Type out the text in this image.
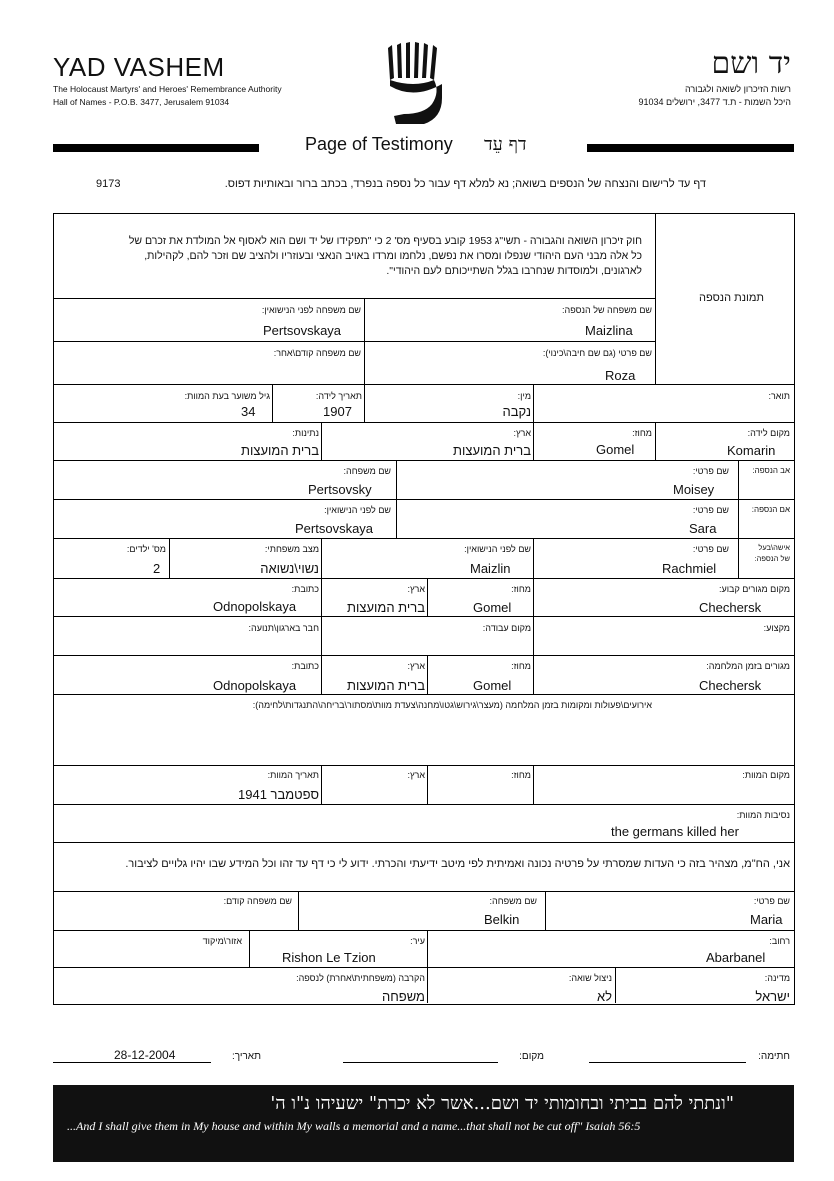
YAD VASHEM
The Holocaust Martyrs' and Heroes' Remembrance Authority
Hall of Names - P.O.B. 3477, Jerusalem 91034
יד ושם
רשות הזיכרון לשואה ולגבורה
היכל השמות - ת.ד 3477, ירושלים 91034
Page of Testimony דף עֵד
דף עד לרישום והנצחה של הנספים בשואה; נא למלא דף עבור כל נספה בנפרד, בכתב ברור ובאותיות דפוס.
9173
חוק זיכרון השואה והגבורה - תשי"ג 1953 קובע בסעיף מס' 2 כי "תפקידו של יד ושם הוא לאסוף אל המולדת את זכרם של
כל אלה מבני העם היהודי שנפלו ומסרו את נפשם, נלחמו ומרדו באויב הנאצי ובעוזריו ולהציב שם וזכר להם, לקהילות,
לארגונים, ולמוסדות שנחרבו בגלל השתייכותם לעם היהודי".
תמונת הנספה
שם משפחה של הנספה:
Maizlina
שם משפחה לפני הנישואין:
Pertsovskaya
שם פרטי (גם שם חיבה\כינוי):
Roza
שם משפחה קודם\אחר:
תואר:
מין:
נקבה
תאריך לידה:
1907
גיל משוער בעת המוות:
34
מקום לידה:
Komarin
מחוז:
Gomel
ארץ:
ברית המועצות
נתינות:
ברית המועצות
אב הנספה:
שם פרטי:
Moisey
שם משפחה:
Pertsovsky
אם הנספה:
שם פרטי:
Sara
שם לפני הנישואין:
Pertsovskaya
אישה\בעל
של הנספה:
שם פרטי:
Rachmiel
שם לפני הנישואין:
Maizlin
מצב משפחתי:
נשוי\נשואה
מס' ילדים:
2
מקום מגורים קבוע:
Chechersk
מחוז:
Gomel
ארץ:
ברית המועצות
כתובת:
Odnopolskaya
מקצוע:
מקום עבודה:
חבר בארגון\תנועה:
מגורים בזמן המלחמה:
Chechersk
מחוז:
Gomel
ארץ:
ברית המועצות
כתובת:
Odnopolskaya
אירועים\פעולות ומקומות בזמן המלחמה (מעצר\גירוש\גטו\מחנה\צעדת מוות\מסתור\בריחה\התנגדות\לחימה):
מקום המוות:
מחוז:
ארץ:
תאריך המוות:
ספטמבר 1941
נסיבות המוות:
the germans killed her
אני, הח"מ, מצהיר בזה כי העדות שמסרתי על פרטיה נכונה ואמיתית לפי מיטב ידיעתי והכרתי. ידוע לי כי דף עד זהו וכל המידע שבו יהיו גלויים לציבור.
שם פרטי:
Maria
שם משפחה:
Belkin
שם משפחה קודם:
רחוב:
Abarbanel
עיר:
Rishon Le Tzion
אזור\מיקוד
מדינה:
ישראל
ניצול שואה:
לא
הקרבה (משפחתית\אחרת) לנספה:
משפחה
חתימה:
מקום:
תאריך:
28-12-2004
"ונתתי להם בביתי ובחומותי יד ושם...אשר לא יכרת" ישעיהו נ"ו ה'
...And I shall give them in My house and within My walls a memorial and a name...that shall not be cut off" Isaiah 56:5
